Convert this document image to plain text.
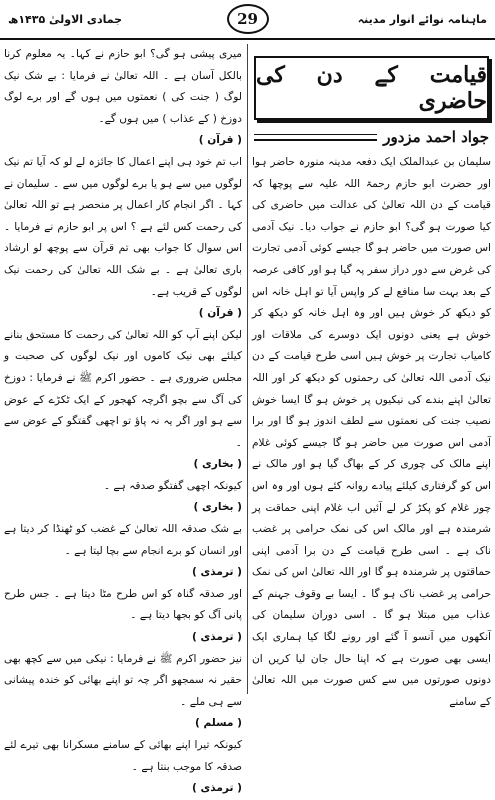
جمادی الاولیٰ ۱۴۳۵ھ	29	ماہنامہ نوائے انوار مدینہ
قیامت کے دن کی حاضری
جواد احمد مزدور

سلیمان بن عبدالملک ایک دفعہ مدینہ منورہ حاضر ہوا اور حضرت ابو حازم رحمۃ اللہ علیہ سے پوچھا کہ قیامت کے دن اللہ تعالیٰ کی عدالت میں حاضری کی کیا صورت ہو گی؟ ابو حازم نے جواب دیا۔ نیک آدمی اس صورت میں حاضر ہو گا جیسے کوئی آدمی تجارت کی غرض سے دور دراز سفر پہ گیا ہو اور کافی عرصہ کے بعد بہت سا منافع لے کر واپس آیا تو اہل خانہ اس کو دیکھ کر خوش ہیں اور وہ اہل خانہ کو دیکھ کر خوش ہے یعنی دونوں ایک دوسرے کی ملاقات اور کامیاب تجارت پر خوش ہیں اسی طرح قیامت کے دن نیک آدمی اللہ تعالیٰ کی رحمتوں کو دیکھ کر اور اللہ تعالیٰ اپنے بندے کی نیکیوں پر خوش ہو گا ایسا خوش نصیب جنت کی نعمتوں سے لطف اندوز ہو گا اور برا آدمی اس صورت میں حاضر ہو گا جیسے کوئی غلام اپنے مالک کی چوری کر کے بھاگ گیا ہو اور مالک نے اس کو گرفتاری کیلئے پیادے روانہ کئے ہوں اور وہ اس چور غلام کو پکڑ کر لے آئیں اب غلام اپنی حماقت پر شرمندہ ہے اور مالک اس کی نمک حرامی پر غضب ناک ہے ۔ اسی طرح قیامت کے دن برا آدمی اپنی حماقتوں پر شرمندہ ہو گا اور اللہ تعالیٰ اس کی نمک حرامی پر غضب ناک ہو گا ۔ ایسا بے وقوف جہنم کے عذاب میں مبتلا ہو گا ۔ اسی دوران سلیمان کی آنکھوں میں آنسو آ گئے اور رونے لگا کیا ہماری ایک ایسی بھی صورت ہے کہ اپنا حال جان لیا کریں ان دونوں صورتوں میں سے کس صورت میں اللہ تعالیٰ کے سامنے

میری پیشی ہو گی؟ ابو حازم نے کہا۔ یہ معلوم کرنا بالکل آسان ہے ۔ اللہ تعالیٰ نے فرمایا : بے شک نیک لوگ ( جنت کی ) نعمتوں میں ہوں گے اور برے لوگ دوزخ ( کے عذاب ) میں ہوں گے۔
( قرآن )

اب تم خود ہی اپنے اعمال کا جائزہ لے لو کہ آیا تم نیک لوگوں میں سے ہو یا برے لوگوں میں سے ۔ سلیمان نے کہا ۔ اگر انجام کار اعمال پر منحصر ہے تو اللہ تعالیٰ کی رحمت کس لئے ہے ؟ اس پر ابو حازم نے فرمایا ۔ اس سوال کا جواب بھی تم قرآن سے پوچھ لو ارشاد باری تعالیٰ ہے ۔ بے شک اللہ تعالیٰ کی رحمت نیک لوگوں کے قریب ہے۔
( قرآن )

لیکن اپنے آپ کو اللہ تعالیٰ کی رحمت کا مستحق بنانے کیلئے بھی نیک کاموں اور نیک لوگوں کی صحبت و مجلس ضروری ہے ۔ حضور اکرم ﷺ نے فرمایا : دوزخ کی آگ سے بچو اگرچہ کھجور کے ایک ٹکڑے کے عوض سے ہو اور اگر یہ نہ پاؤ تو اچھی گفتگو کے عوض سے ۔
( بخاری )

کیونکہ اچھی گفتگو صدقہ ہے ۔
( بخاری )

بے شک صدقہ اللہ تعالیٰ کے غضب کو ٹھنڈا کر دیتا ہے اور انسان کو برے انجام سے بچا لیتا ہے ۔
( ترمذی )

اور صدقہ گناہ کو اس طرح مٹا دیتا ہے ۔ جس طرح پانی آگ کو بجھا دیتا ہے ۔
( ترمذی )

نیز حضور اکرم ﷺ نے فرمایا : نیکی میں سے کچھ بھی حقیر نہ سمجھو اگر چہ تو اپنے بھائی کو خندہ پیشانی سے ہی ملے ۔
( مسلم )

کیونکہ تیرا اپنے بھائی کے سامنے مسکرانا بھی تیرے لئے صدقہ کا موجب بنتا ہے ۔
( ترمذی )
